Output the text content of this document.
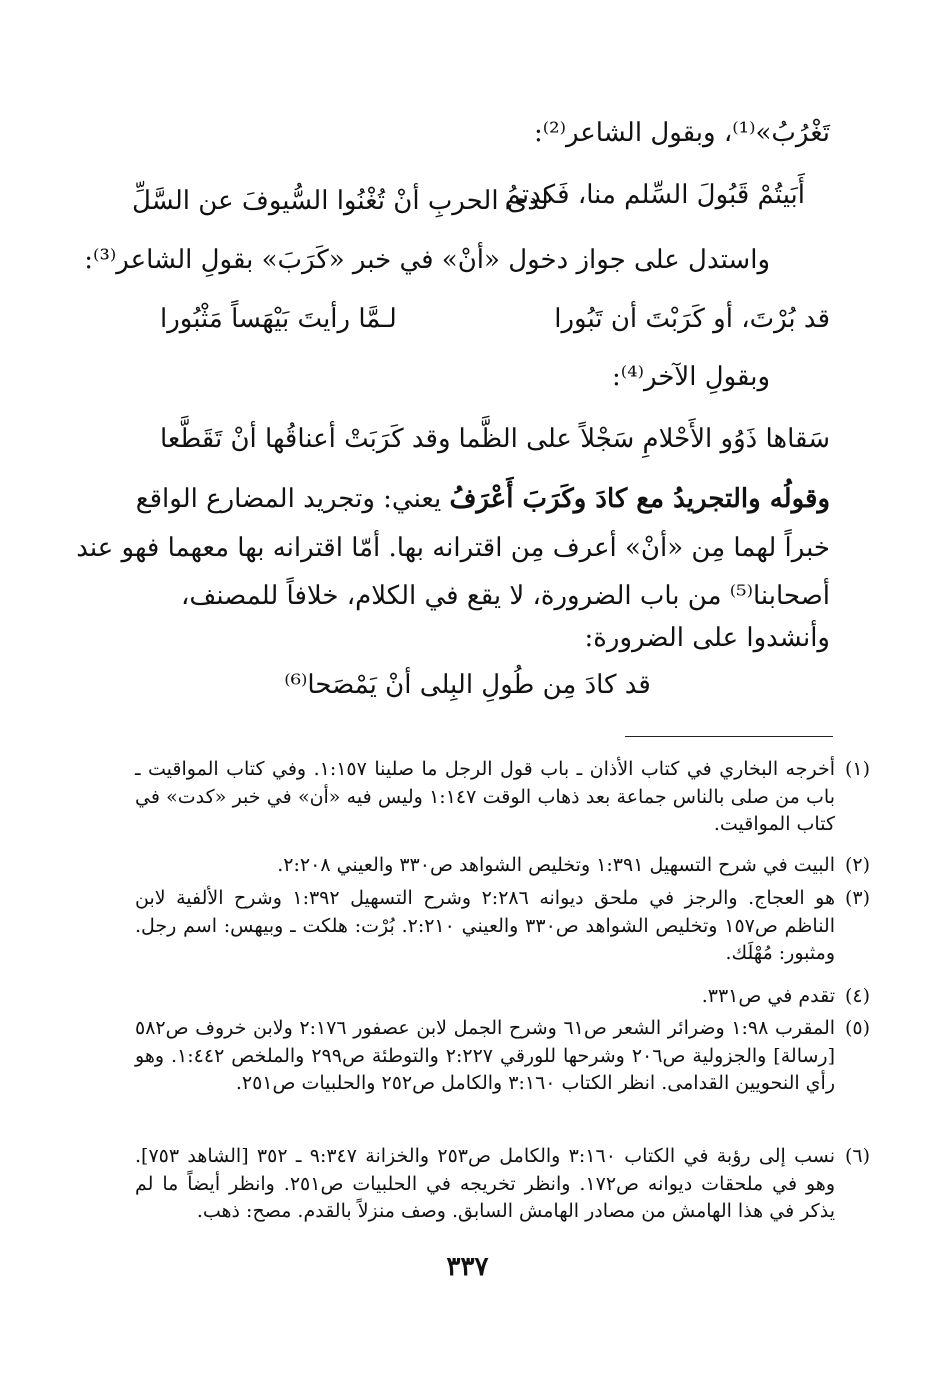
تَغْرُبُ»⁽¹⁾، وبقول الشاعر⁽²⁾:
أَبَيتُمْ قَبُولَ السِّلم منا، فَكدتمُ
لدى الحربِ أنْ تُغْنُوا السُّيوفَ عن السَّلِّ
واستدل على جواز دخول «أنْ» في خبر «كَرَبَ» بقولِ الشاعر⁽³⁾:
قد بُرْتَ، أو كَرَبْتَ أن تَبُورا
لـمَّا رأيتَ بَيْهَساً مَثْبُورا
وبقولِ الآخر⁽⁴⁾:
سَقاها ذَوُو الأَحْلامِ سَجْلاً على الظَّما
وقد كَرَبَتْ أعناقُها أنْ تَقَطَّعا
وقولُه والتجريدُ مع كادَ وكَرَبَ أَعْرَفُ يعني: وتجريد المضارع الواقع
خبراً لهما مِن «أنْ» أعرف مِن اقترانه بها. أمّا اقترانه بها معهما فهو عند
أصحابنا⁽⁵⁾ من باب الضرورة، لا يقع في الكلام، خلافاً للمصنف،
وأنشدوا على الضرورة:
قد كادَ مِن طُولِ البِلى أنْ يَمْصَحا⁽⁶⁾
(١)
أخرجه البخاري في كتاب الأذان ـ باب قول الرجل ما صلينا ١:١٥٧. وفي كتاب المواقيت ـ باب من صلى بالناس جماعة بعد ذهاب الوقت ١:١٤٧ وليس فيه «أن» في خبر «كدت» في كتاب المواقيت.
(٢)
البيت في شرح التسهيل ١:٣٩١ وتخليص الشواهد ص٣٣٠ والعيني ٢:٢٠٨.
(٣)
هو العجاج. والرجز في ملحق ديوانه ٢:٢٨٦ وشرح التسهيل ١:٣٩٢ وشرح الألفية لابن الناظم ص١٥٧ وتخليص الشواهد ص٣٣٠ والعيني ٢:٢١٠. بُرْت: هلكت ـ وبيهس: اسم رجل. ومثبور: مُهْلَك.
(٤)
تقدم في ص٣٣١.
(٥)
المقرب ١:٩٨ وضرائر الشعر ص٦١ وشرح الجمل لابن عصفور ٢:١٧٦ ولابن خروف ص٥٨٢ [رسالة] والجزولية ص٢٠٦ وشرحها للورقي ٢:٢٢٧ والتوطئة ص٢٩٩ والملخص ١:٤٤٢. وهو رأي النحويين القدامى. انظر الكتاب ٣:١٦٠ والكامل ص٢٥٢ والحلبيات ص٢٥١.
(٦)
نسب إلى رؤبة في الكتاب ٣:١٦٠ والكامل ص٢٥٣ والخزانة ٩:٣٤٧ ـ ٣٥٢ [الشاهد ٧٥٣]. وهو في ملحقات ديوانه ص١٧٢. وانظر تخريجه في الحلبيات ص٢٥١. وانظر أيضاً ما لم يذكر في هذا الهامش من مصادر الهامش السابق. وصف منزلاً بالقدم. مصح: ذهب.
٣٣٧
